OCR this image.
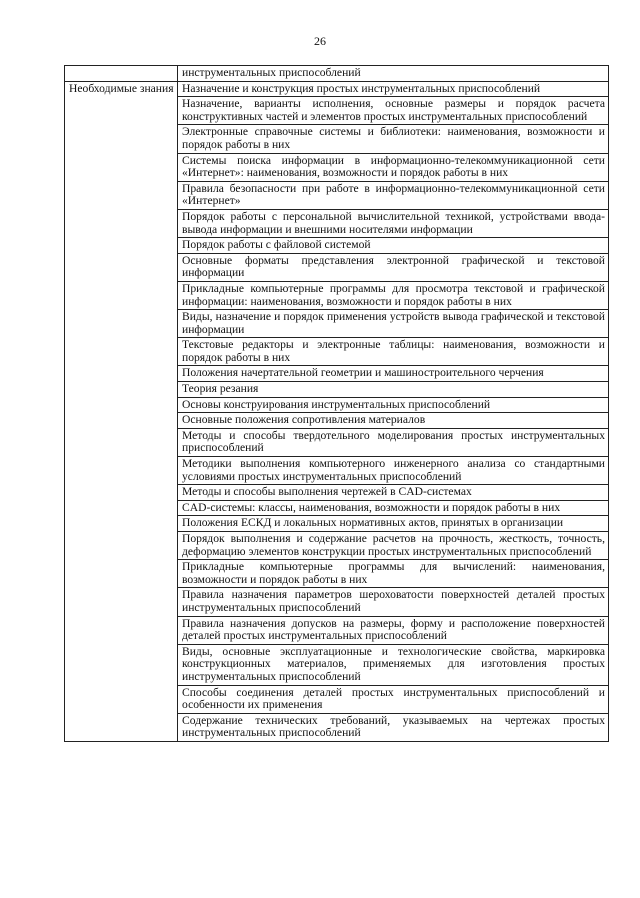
26
	инструментальных приспособлений
Необходимые знания	Назначение и конструкция простых инструментальных приспособлений
	Назначение, варианты исполнения, основные размеры и порядок расчета конструктивных частей и элементов простых инструментальных приспособлений
	Электронные справочные системы и библиотеки: наименования, возможности и порядок работы в них
	Системы поиска информации в информационно-телекоммуникационной сети «Интернет»: наименования, возможности и порядок работы в них
	Правила безопасности при работе в информационно-телекоммуникационной сети «Интернет»
	Порядок работы с персональной вычислительной техникой, устройствами ввода-вывода информации и внешними носителями информации
	Порядок работы с файловой системой
	Основные форматы представления электронной графической и текстовой информации
	Прикладные компьютерные программы для просмотра текстовой и графической информации: наименования, возможности и порядок работы в них
	Виды, назначение и порядок применения устройств вывода графической и текстовой информации
	Текстовые редакторы и электронные таблицы: наименования, возможности и порядок работы в них
	Положения начертательной геометрии и машиностроительного черчения
	Теория резания
	Основы конструирования инструментальных приспособлений
	Основные положения сопротивления материалов
	Методы и способы твердотельного моделирования простых инструментальных приспособлений
	Методики выполнения компьютерного инженерного анализа со стандартными условиями простых инструментальных приспособлений
	Методы и способы выполнения чертежей в CAD-системах
	CAD-системы: классы, наименования, возможности и порядок работы в них
	Положения ЕСКД и локальных нормативных актов, принятых в организации
	Порядок выполнения и содержание расчетов на прочность, жесткость, точность, деформацию элементов конструкции простых инструментальных приспособлений
	Прикладные компьютерные программы для вычислений: наименования, возможности и порядок работы в них
	Правила назначения параметров шероховатости поверхностей деталей простых инструментальных приспособлений
	Правила назначения допусков на размеры, форму и расположение поверхностей деталей простых инструментальных приспособлений
	Виды, основные эксплуатационные и технологические свойства, маркировка конструкционных материалов, применяемых для изготовления простых инструментальных приспособлений
	Способы соединения деталей простых инструментальных приспособлений и особенности их применения
	Содержание технических требований, указываемых на чертежах простых инструментальных приспособлений
